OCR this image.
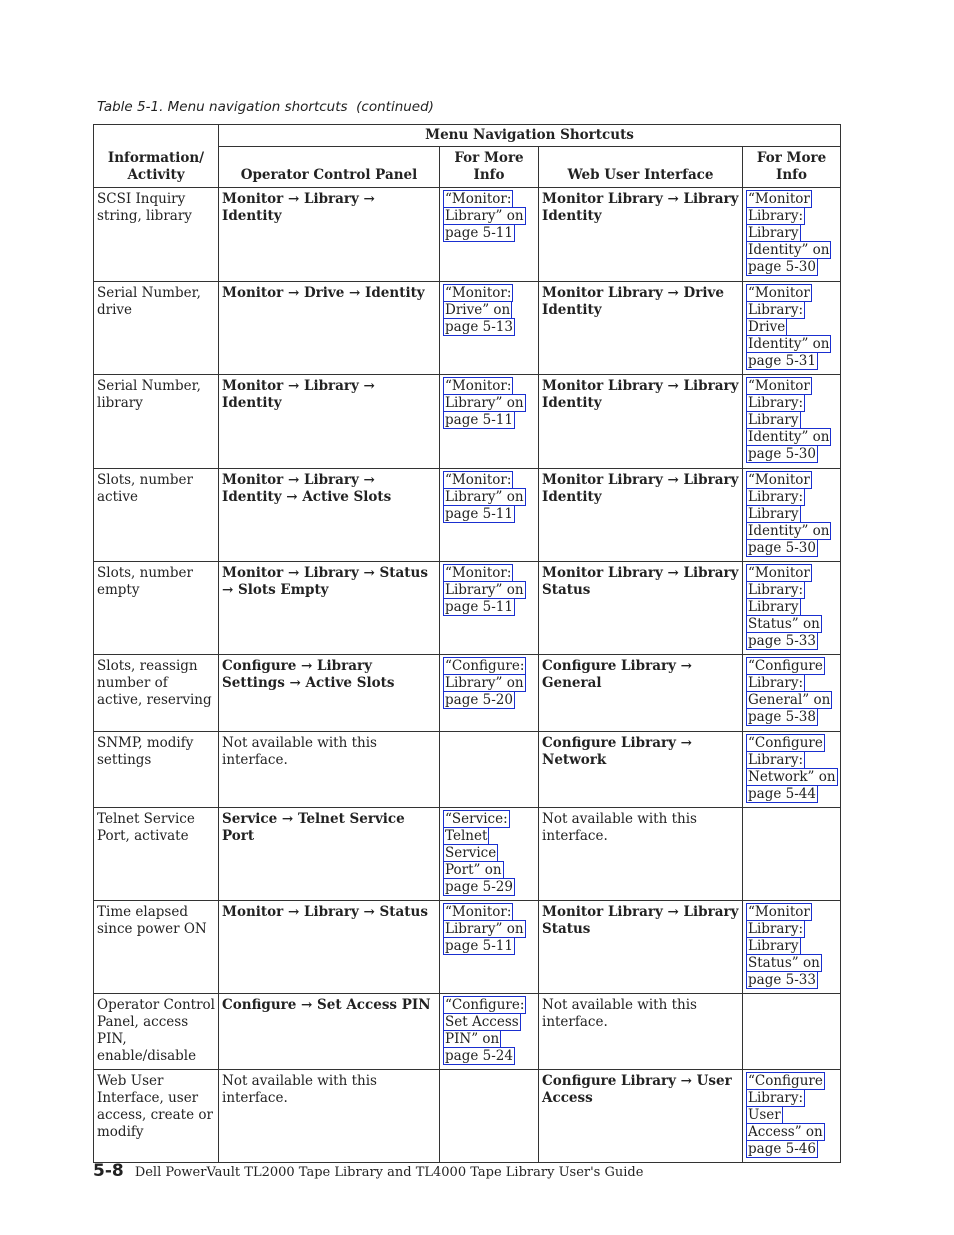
Table 5-1. Menu navigation shortcuts  (continued)
Information/ Activity	Menu Navigation Shortcuts			
	Operator Control Panel	For More Info	Web User Interface	For More Info
SCSI Inquiry string, library	Monitor → Library → Identity	“Monitor: Library” on page 5-11	Monitor Library → Library Identity	“Monitor Library: Library Identity” on page 5-30
Serial Number, drive	Monitor → Drive → Identity	“Monitor: Drive” on page 5-13	Monitor Library → Drive Identity	“Monitor Library: Drive Identity” on page 5-31
Serial Number, library	Monitor → Library → Identity	“Monitor: Library” on page 5-11	Monitor Library → Library Identity	“Monitor Library: Library Identity” on page 5-30
Slots, number active	Monitor → Library → Identity → Active Slots	“Monitor: Library” on page 5-11	Monitor Library → Library Identity	“Monitor Library: Library Identity” on page 5-30
Slots, number empty	Monitor → Library → Status → Slots Empty	“Monitor: Library” on page 5-11	Monitor Library → Library Status	“Monitor Library: Library Status” on page 5-33
Slots, reassign number of active, reserving	Configure → Library Settings → Active Slots	“Configure: Library” on page 5-20	Configure Library → General	“Configure Library: General” on page 5-38
SNMP, modify settings	Not available with this interface.		Configure Library → Network	“Configure Library: Network” on page 5-44
Telnet Service Port, activate	Service → Telnet Service Port	“Service: Telnet Service Port” on page 5-29	Not available with this interface.	
Time elapsed since power ON	Monitor → Library → Status	“Monitor: Library” on page 5-11	Monitor Library → Library Status	“Monitor Library: Library Status” on page 5-33
Operator Control Panel, access PIN, enable/disable	Configure → Set Access PIN	“Configure: Set Access PIN” on page 5-24	Not available with this interface.	
Web User Interface, user access, create or modify	Not available with this interface.		Configure Library → User Access	“Configure Library: User Access” on page 5-46
5-8 Dell PowerVault TL2000 Tape Library and TL4000 Tape Library User's Guide
